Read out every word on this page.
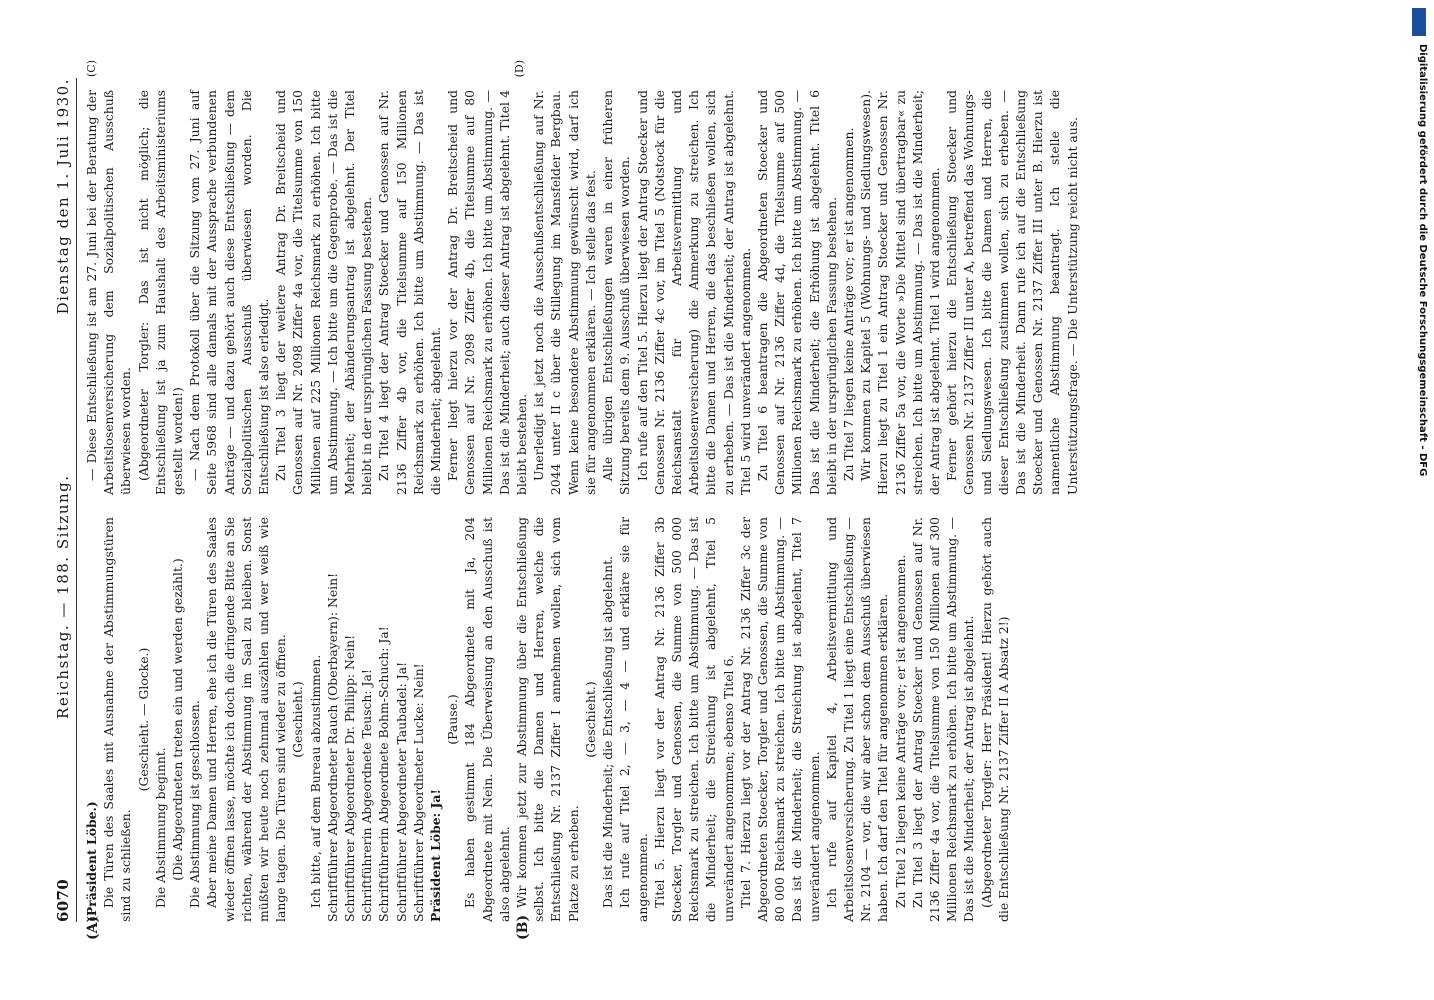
6070
Reichstag. — 188. Sitzung.
Dienstag den 1. Juli 1930.
(A)	(B)
(C)	(D)

(Präsident Löbe.) Die Türen des Saales mit Ausnahme der Abstimmungstüren sind zu schließen.

(Geschieht. — Glocke.)

Die Abstimmung beginnt. (Die Abgeordneten treten ein und werden gezählt.) Die Abstimmung ist geschlossen. Aber meine Damen und Herren, ehe ich die Türen des Saales wieder öffnen lasse, möchte ich doch die dringende Bitte an Sie richten, während der Abstimmung im Saal zu bleiben. Sonst müßten wir heute noch zehnmal auszählen und wer weiß wie lange tagen. Die Türen sind wieder zu öffnen. (Geschieht.) Ich bitte, auf dem Bureau abzustimmen. Schriftführer Abgeordneter Rauch (Oberbayern): Nein! Schriftführer Abgeordneter Dr. Philipp: Nein! Schriftführerin Abgeordnete Teusch: Ja! Schriftführerin Abgeordnete Bohm-Schuch: Ja! Schriftführer Abgeordneter Taubadel: Ja! Schriftführer Abgeordneter Lucke: Nein! Präsident Löbe: Ja!

(Pause.) Es haben gestimmt 184 Abgeordnete mit Ja, 204 Abgeordnete mit Nein. Die Überweisung an den Ausschuß ist also abgelehnt. Wir kommen jetzt zur Abstimmung über die Entschließung selbst. Ich bitte die Damen und Herren, welche die Entschließung Nr. 2137 Ziffer I annehmen wollen, sich vom Platze zu erheben.

(Geschieht.) Das ist die Minderheit; die Entschließung ist abgelehnt. Ich rufe auf Titel 2, — 3, — 4 — und erkläre sie für angenommen. Titel 5. Hierzu liegt vor der Antrag Nr. 2136 Ziffer 3b Stoecker, Torgler und Genossen, die Summe von 500 000 Reichsmark zu streichen. Ich bitte um Abstimmung. — Das ist die Minderheit; die Streichung ist abgelehnt, Titel 5 unverändert angenommen; ebenso Titel 6. Titel 7. Hierzu liegt vor der Antrag Nr. 2136 Ziffer 3c der Abgeordneten Stoecker, Torgler und Genossen, die Summe von 80 000 Reichsmark zu streichen. Ich bitte um Abstimmung. — Das ist die Minderheit; die Streichung ist abgelehnt, Titel 7 unverändert angenommen. Ich rufe auf Kapitel 4, Arbeitsvermittlung und Arbeitslosenversicherung. Zu Titel 1 liegt eine Entschließung — Nr. 2104 — vor, die wir aber schon dem Ausschuß überwiesen haben. Ich darf den Titel für angenommen erklären. Zu Titel 2 liegen keine Anträge vor; er ist angenommen. Zu Titel 3 liegt der Antrag Stoecker und Genossen auf Nr. 2136 Ziffer 4a vor, die Titelsumme von 150 Millionen auf 300 Millionen Reichsmark zu erhöhen. Ich bitte um Abstimmung. — Das ist die Minderheit; der Antrag ist abgelehnt. (Abgeordneter Torgler: Herr Präsident! Hierzu gehört auch die Entschließung Nr. 2137 Ziffer II A Absatz 2!)

— Diese Entschließung ist am 27. Juni bei der Beratung der Arbeitslosenversicherung dem Sozialpolitischen Ausschuß überwiesen worden. (Abgeordneter Torgler: Das ist nicht möglich; die Entschließung ist ja zum Haushalt des Arbeitsministeriums gestellt worden!) — Nach dem Protokoll über die Sitzung vom 27. Juni auf Seite 5968 sind alle damals mit der Aussprache verbundenen Anträge — und dazu gehört auch diese Entschließung — dem Sozialpolitischen Ausschuß überwiesen worden. Die Entschließung ist also erledigt. Zu Titel 3 liegt der weitere Antrag Dr. Breitscheid und Genossen auf Nr. 2098 Ziffer 4a vor, die Titelsumme von 150 Millionen auf 225 Millionen Reichsmark zu erhöhen. Ich bitte um Abstimmung. — Ich bitte um die Gegenprobe. — Das ist die Mehrheit; der Abänderungsantrag ist abgelehnt. Der Titel bleibt in der ursprünglichen Fassung bestehen. Zu Titel 4 liegt der Antrag Stoecker und Genossen auf Nr. 2136 Ziffer 4b vor, die Titelsumme auf 150 Millionen Reichsmark zu erhöhen. Ich bitte um Abstimmung. — Das ist die Minderheit; abgelehnt. Ferner liegt hierzu vor der Antrag Dr. Breitscheid und Genossen auf Nr. 2098 Ziffer 4b, die Titelsumme auf 80 Millionen Reichsmark zu erhöhen. Ich bitte um Abstimmung. — Das ist die Minderheit; auch dieser Antrag ist abgelehnt. Titel 4 bleibt bestehen. Unerledigt ist jetzt noch die Ausschußentschließung auf Nr. 2044 unter II c über die Stillegung im Mansfelder Bergbau. Wenn keine besondere Abstimmung gewünscht wird, darf ich sie für angenommen erklären. — Ich stelle das fest. Alle übrigen Entschließungen waren in einer früheren Sitzung bereits dem 9. Ausschuß überwiesen worden. Ich rufe auf den Titel 5. Hierzu liegt der Antrag Stoecker und Genossen Nr. 2136 Ziffer 4c vor, im Titel 5 (Notstock für die Reichsanstalt für Arbeitsvermittlung und Arbeitslosenversicherung) die Anmerkung zu streichen. Ich bitte die Damen und Herren, die das beschließen wollen, sich zu erheben. — Das ist die Minderheit; der Antrag ist abgelehnt. Titel 5 wird unverändert angenommen. Zu Titel 6 beantragen die Abgeordneten Stoecker und Genossen auf Nr. 2136 Ziffer 4d, die Titelsumme auf 500 Millionen Reichsmark zu erhöhen. Ich bitte um Abstimmung. — Das ist die Minderheit; die Erhöhung ist abgelehnt. Titel 6 bleibt in der ursprünglichen Fassung bestehen. Zu Titel 7 liegen keine Anträge vor; er ist angenommen. Wir kommen zu Kapitel 5 (Wohnungs- und Siedlungswesen). Hierzu liegt zu Titel 1 ein Antrag Stoecker und Genossen Nr. 2136 Ziffer 5a vor, die Worte »Die Mittel sind übertragbar« zu streichen. Ich bitte um Abstimmung. — Das ist die Minderheit; der Antrag ist abgelehnt. Titel 1 wird angenommen. Ferner gehört hierzu die Entschließung Stoecker und Genossen Nr. 2137 Ziffer III unter A, betreffend das Wohnungs- und Siedlungswesen. Ich bitte die Damen und Herren, die dieser Entschließung zustimmen wollen, sich zu erheben. — Das ist die Minderheit. Dann rufe ich auf die Entschließung Stoecker und Genossen Nr. 2137 Ziffer III unter B. Hierzu ist namentliche Abstimmung beantragt. Ich stelle die Unterstützungsfrage. — Die Unterstützung reicht nicht aus.	Digitalisierung gefördert durch die Deutsche Forschungsgemeinschaft - DFG
